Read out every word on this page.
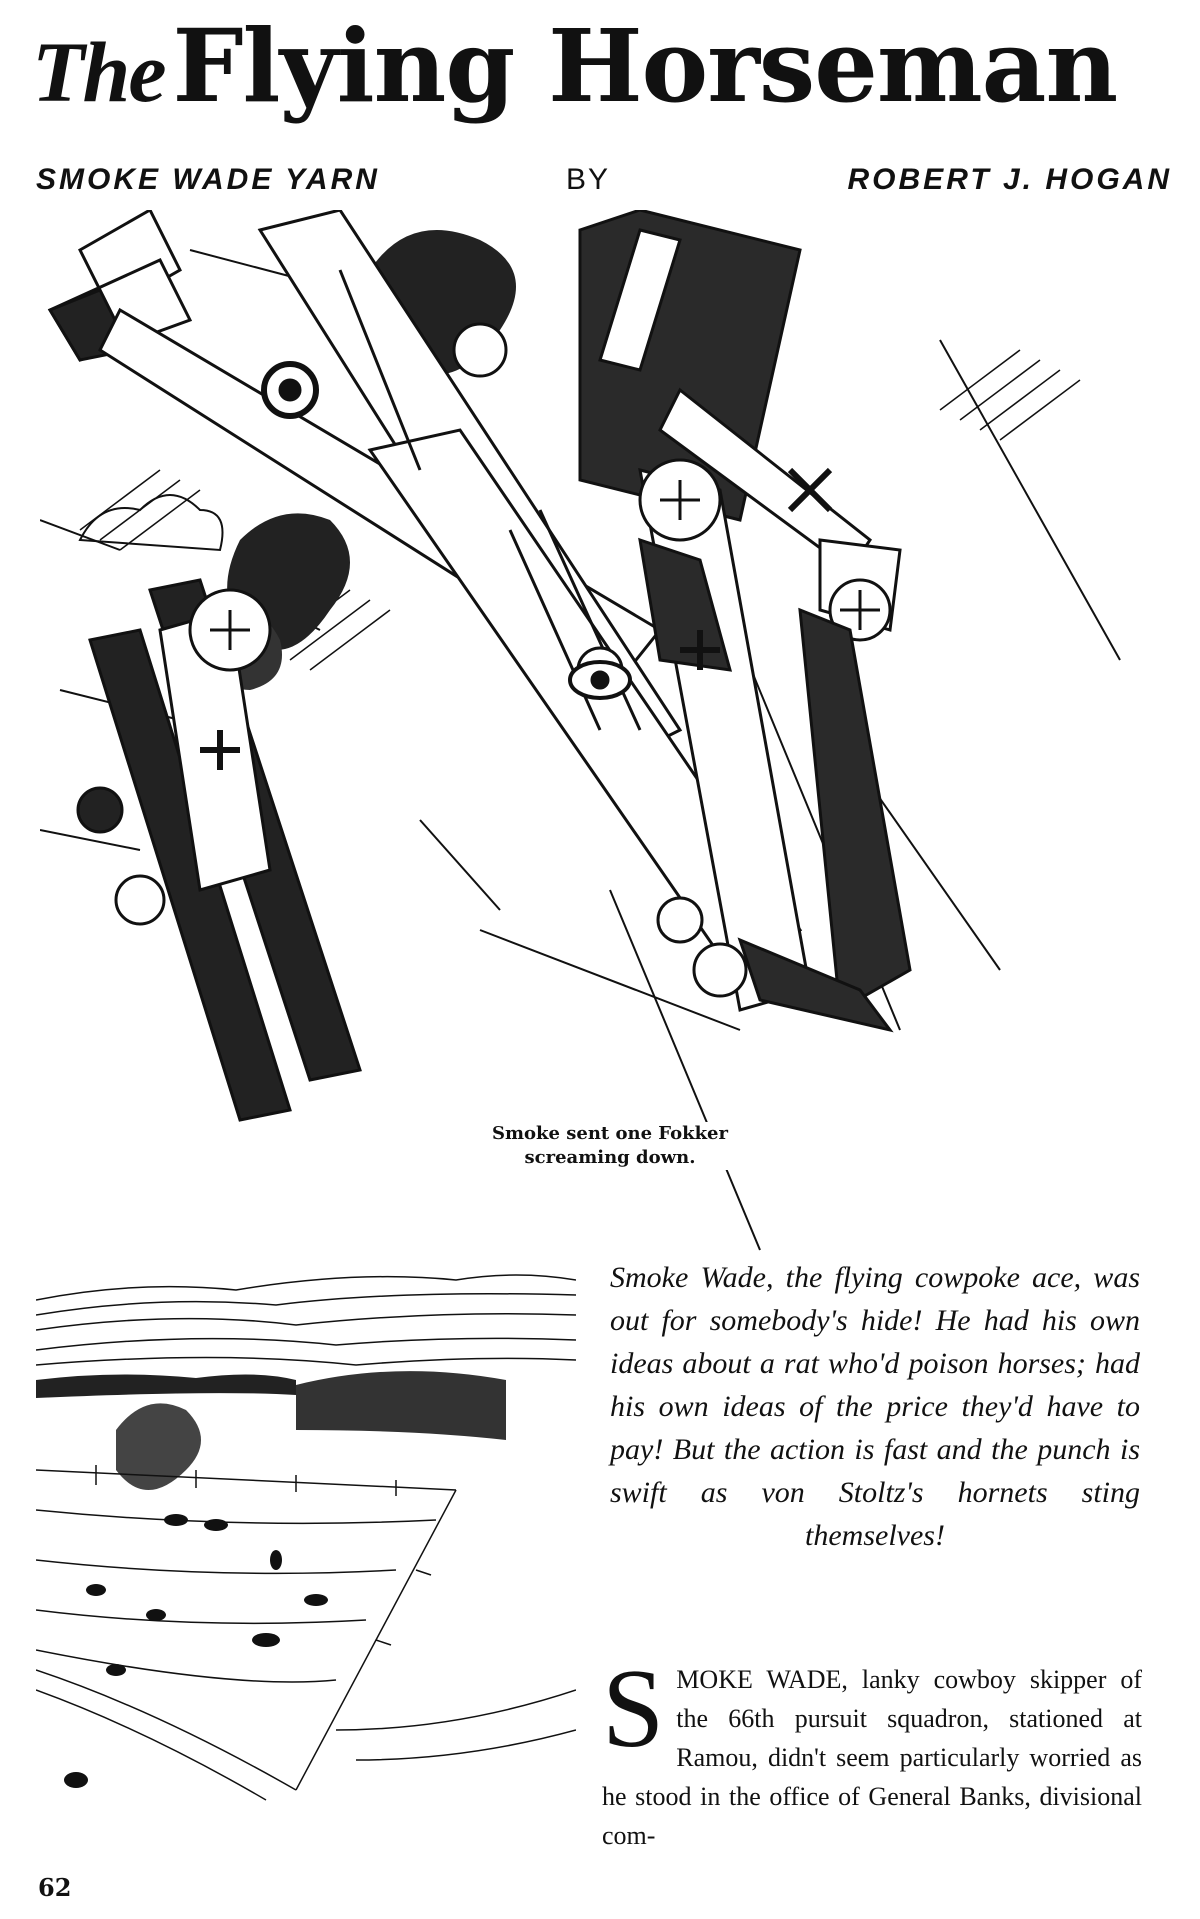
TheFlying Horseman

SMOKE WADE YARN	BY	ROBERT J. HOGAN

Smoke sent one Fokker
screaming down.

Smoke Wade, the flying cowpoke ace, was out for somebody's hide! He had his own ideas about a rat who'd poison horses; had his own ideas of the price they'd have to pay! But the action is fast and the punch is swift as von Stoltz's hornets sting themselves!

SMOKE WADE, lanky cowboy skipper of the 66th pursuit squadron, stationed at Ramou, didn't seem particularly worried as he stood in the office of General Banks, divisional com-

62
